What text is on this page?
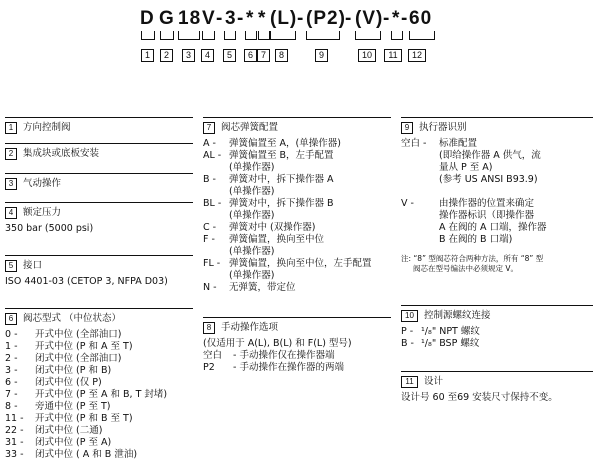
D G 18 V - 3 - * * (L) - (P2) - (V) - * - 60
1	2	3	4	5	6 7	8	9	10	11	12
1	方向控制阀
2	集成块或底板安装
3	气动操作
4	额定压力
350 bar (5000 psi)
5	接口
ISO 4401-03 (CETOP 3, NFPA D03)
6	阀芯型式 （中位状态）
0 -	开式中位 (全部油口)
1 -	开式中位 (P 和 A 至 T)
2 -	闭式中位 (全部油口)
3 -	闭式中位 (P 和 B)
6 -	闭式中位 (仅 P)
7 -	开式中位 (P 至 A 和 B, T 封堵)
8 -	旁通中位 (P 至 T)
11 -	开式中位 (P 和 B 至 T)
22 -	闭式中位 (二通)
31 -	闭式中位 (P 至 A)
33 -	闭式中位 ( A 和 B 泄油)
7	阀芯弹簧配置
A -	弹簧偏置至 A，(单操作器)
AL - 弹簧偏置至 B，左手配置
(单操作器)
B -	弹簧对中，拆下操作器 A
(单操作器)
BL - 弹簧对中，拆下操作器 B
(单操作器)
C -	弹簧对中 (双操作器)
F -	弹簧偏置，换向至中位
(单操作器)
FL - 弹簧偏置，换向至中位，左手配置
(单操作器)
N -	无弹簧，带定位
8	手动操作选项
(仅适用于 A(L), B(L) 和 F(L) 型号)
空白	- 手动操作仅在操作器端
P2	- 手动操作在操作器的两端
9	执行器识别
空白 -	标准配置
(即给操作器 A 供气，流
量从 P 至 A)
(参考 US ANSI B93.9)
V -	由操作器的位置来确定
操作器标识（即操作器
A 在阀的 A 口端，操作器
B 在阀的 B 口端)
注: “8” 型阀芯符合两种方法，所有 “8” 型
阀芯在型号编法中必须规定 V。
10	控制源螺纹连接
P - ¹/₈" NPT 螺纹
B - ¹/₈" BSP 螺纹
11	设计
设计号 60 至69 安装尺寸保持不变。
